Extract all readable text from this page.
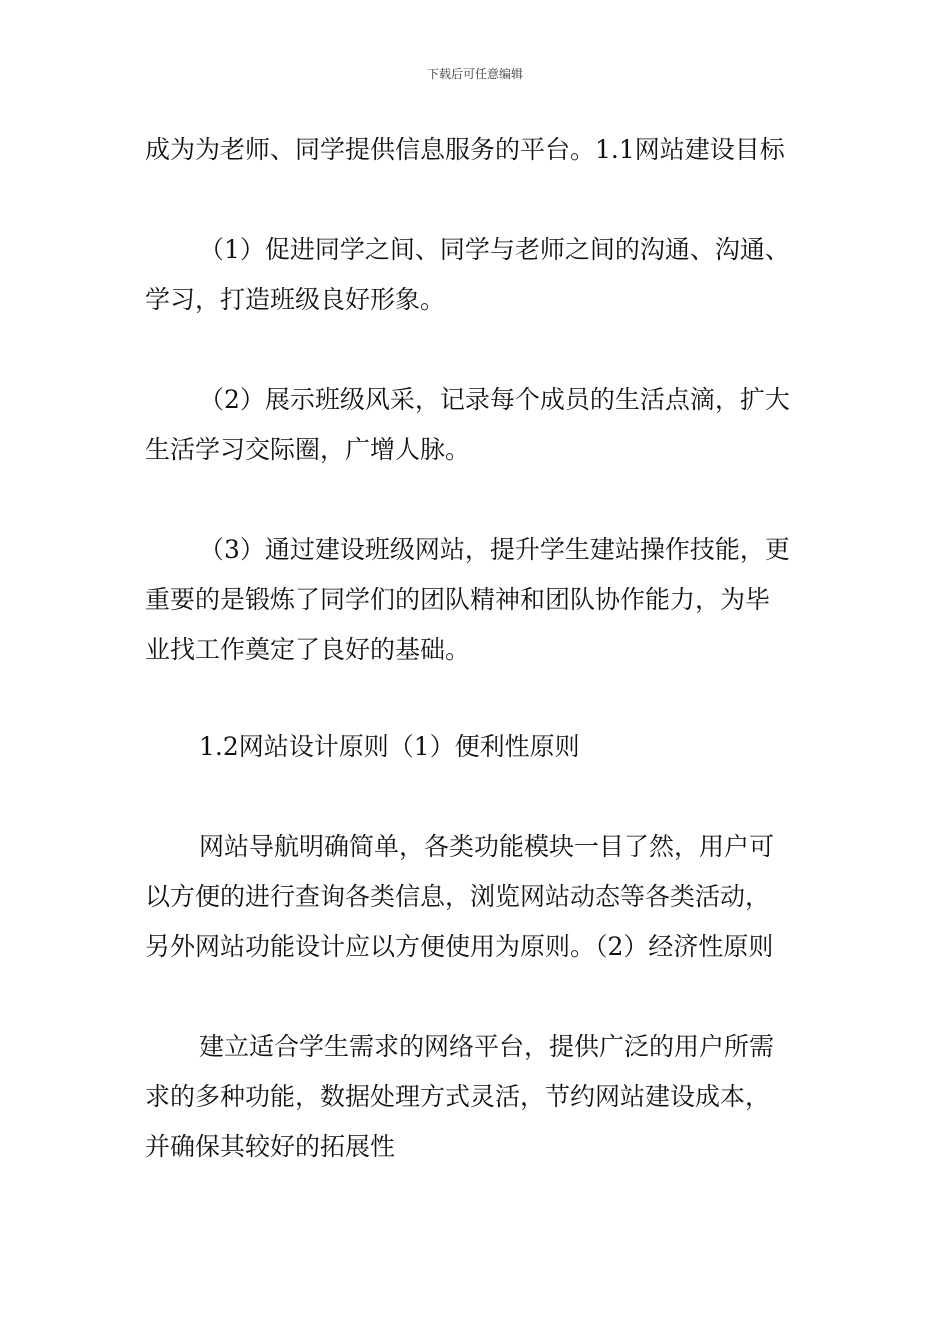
下载后可任意编辑
成为为老师、同学提供信息服务的平台。1.1网站建设目标
（1）促进同学之间、同学与老师之间的沟通、沟通、
学习，打造班级良好形象。
（2）展示班级风采，记录每个成员的生活点滴，扩大
生活学习交际圈，广增人脉。
（3）通过建设班级网站，提升学生建站操作技能，更
重要的是锻炼了同学们的团队精神和团队协作能力，为毕
业找工作奠定了良好的基础。
1.2网站设计原则（1）便利性原则
网站导航明确简单，各类功能模块一目了然，用户可
以方便的进行查询各类信息，浏览网站动态等各类活动，
另外网站功能设计应以方便使用为原则。（2）经济性原则
建立适合学生需求的网络平台，提供广泛的用户所需
求的多种功能，数据处理方式灵活，节约网站建设成本，
并确保其较好的拓展性
